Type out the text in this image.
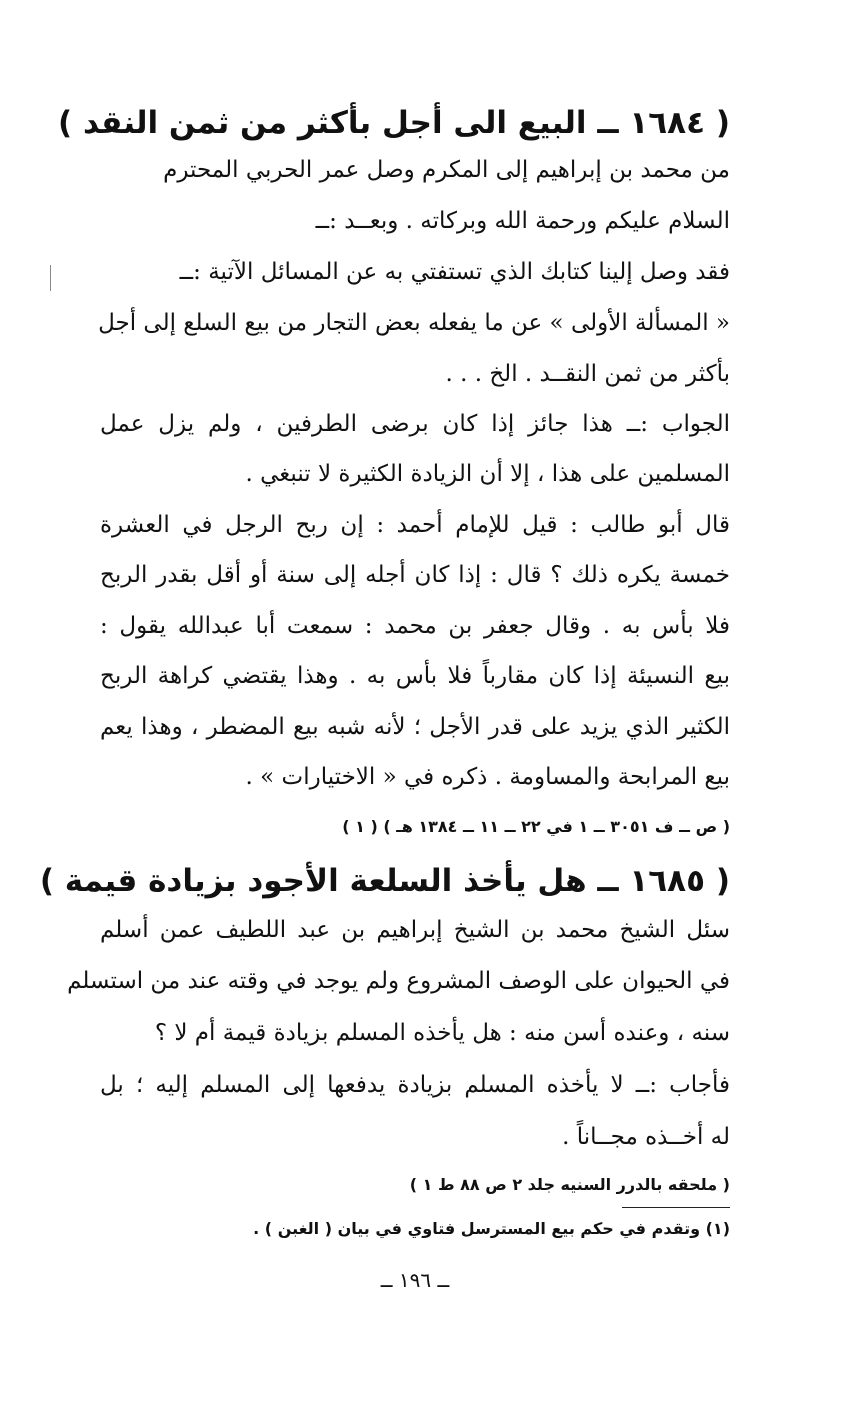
( ١٦٨٤ ــ البيع الى أجل بأكثر من ثمن النقد )
من محمد بن إبراهيم إلى المكرم وصل عمر الحربي المحترم
السلام عليكم ورحمة الله وبركاته . وبعــد :ــ
فقد وصل إلينا كتابك الذي تستفتي به عن المسائل الآتية :ــ
« المسألة الأولى » عن ما يفعله بعض التجار من بيع السلع إلى أجل
بأكثر من ثمن النقــد . الخ . . .
الجواب :ــ هذا جائز إذا كان برضى الطرفين ، ولم يزل عمل
المسلمين على هذا ، إلا أن الزيادة الكثيرة لا تنبغي .
قال أبو طالب : قيل للإمام أحمد : إن ربح الرجل في العشرة
خمسة يكره ذلك ؟ قال : إذا كان أجله إلى سنة أو أقل بقدر الربح
فلا بأس به . وقال جعفر بن محمد : سمعت أبا عبدالله يقول :
بيع النسيئة إذا كان مقارباً فلا بأس به . وهذا يقتضي كراهة الربح
الكثير الذي يزيد على قدر الأجل ؛ لأنه شبه بيع المضطر ، وهذا يعم
بيع المرابحة والمساومة . ذكره في « الاختيارات » .
( ص ــ ف ٣٠٥١ ــ ١ في ٢٢ ــ ١١ ــ ١٣٨٤ هـ ) ( ١ )
( ١٦٨٥ ــ هل يأخذ السلعة الأجود بزيادة قيمة )
سئل الشيخ محمد بن الشيخ إبراهيم بن عبد اللطيف عمن أسلم
في الحيوان على الوصف المشروع ولم يوجد في وقته عند من استسلم
سنه ، وعنده أسن منه : هل يأخذه المسلم بزيادة قيمة أم لا ؟
فأجاب :ــ لا يأخذه المسلم بزيادة يدفعها إلى المسلم إليه ؛ بل
له أخــذه مجــاناً .
( ملحقه بالدرر السنيه جلد ٢ ص ٨٨ ط ١ )
(١) وتقدم في حكم بيع المسترسل فتاوي في بيان ( الغبن ) .
ــ ١٩٦ ــ
